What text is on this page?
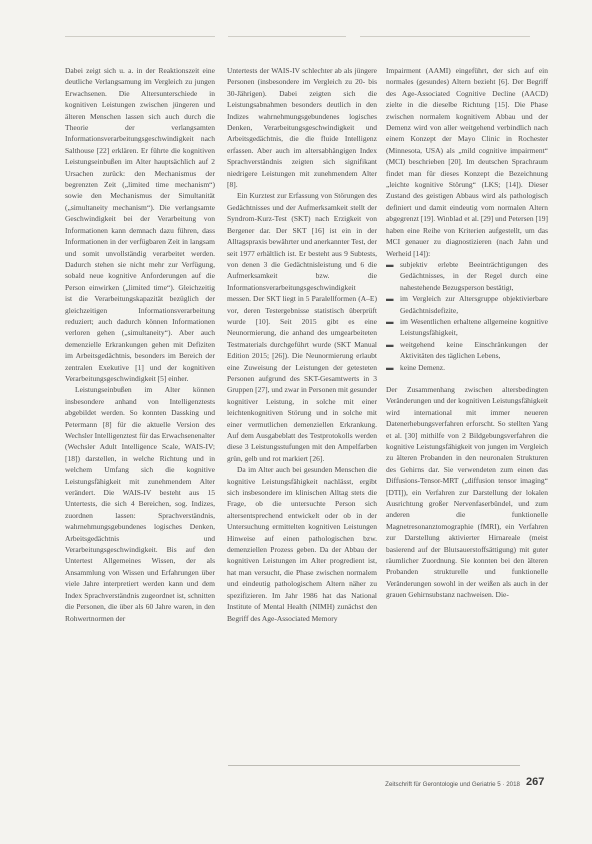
Dabei zeigt sich u. a. in der Reaktionszeit eine deutliche Verlangsamung im Vergleich zu jungen Erwachsenen. Die Altersunterschiede in kognitiven Leistungen zwischen jüngeren und älteren Menschen lassen sich auch durch die Theorie der verlangsamten Informationsverarbeitungsgeschwindigkeit nach Salthouse [22] erklären. Er führte die kognitiven Leistungseinbußen im Alter hauptsächlich auf 2 Ursachen zurück: den Mechanismus der begrenzten Zeit („limited time mechanism“) sowie den Mechanismus der Simultanität („simultaneity mechanism“). Die verlangsamte Geschwindigkeit bei der Verarbeitung von Informationen kann demnach dazu führen, dass Informationen in der verfügbaren Zeit in langsam und somit unvollständig verarbeitet werden. Dadurch stehen sie nicht mehr zur Verfügung, sobald neue kognitive Anforderungen auf die Person einwirken („limited time“). Gleichzeitig ist die Verarbeitungskapazität bezüglich der gleichzeitigen Informationsverarbeitung reduziert; auch dadurch können Informationen verloren gehen („simultaneity“). Aber auch demenzielle Erkrankungen gehen mit Defiziten im Arbeitsgedächtnis, besonders im Bereich der zentralen Exekutive [1] und der kognitiven Verarbeitungsgeschwindigkeit [5] einher.

Leistungseinbußen im Alter können insbesondere anhand von Intelligenztests abgebildet werden. So konnten Dassking und Petermann [8] für die aktuelle Version des Wechsler Intelligenztest für das Erwachsenenalter (Wechsler Adult Intelligence Scale, WAIS-IV; [18]) darstellen, in welche Richtung und in welchem Umfang sich die kognitive Leistungsfähigkeit mit zunehmendem Alter verändert. Die WAIS-IV besteht aus 15 Untertests, die sich 4 Bereichen, sog. Indizes, zuordnen lassen: Sprachverständnis, wahrnehmungsgebundenes logisches Denken, Arbeitsgedächtnis und Verarbeitungsgeschwindigkeit. Bis auf den Untertest Allgemeines Wissen, der als Ansammlung von Wissen und Erfahrungen über viele Jahre interpretiert werden kann und dem Index Sprachverständnis zugeordnet ist, schnitten die Personen, die über als 60 Jahre waren, in den Rohwertnormen der

Untertests der WAIS-IV schlechter ab als jüngere Personen (insbesondere im Vergleich zu 20- bis 30-Jährigen). Dabei zeigten sich die Leistungsabnahmen besonders deutlich in den Indizes wahrnehmungsgebundenes logisches Denken, Verarbeitungsgeschwindigkeit und Arbeitsgedächtnis, die die fluide Intelligenz erfassen. Aber auch im altersabhängigen Index Sprachverständnis zeigten sich signifikant niedrigere Leistungen mit zunehmendem Alter [8].

Ein Kurztest zur Erfassung von Störungen des Gedächtnisses und der Aufmerksamkeit stellt der Syndrom-Kurz-Test (SKT) nach Erzigkeit von Bergener dar. Der SKT [16] ist ein in der Alltagspraxis bewährter und anerkannter Test, der seit 1977 erhältlich ist. Er besteht aus 9 Subtests, von denen 3 die Gedächtnisleistung und 6 die Aufmerksamkeit bzw. die Informationsverarbeitungsgeschwindigkeit messen. Der SKT liegt in 5 Paralellformen (A–E) vor, deren Testergebnisse statistisch überprüft wurde [10]. Seit 2015 gibt es eine Neunormierung, die anhand des umgearbeiteten Testmaterials durchgeführt wurde (SKT Manual Edition 2015; [26]). Die Neunormierung erlaubt eine Zuweisung der Leistungen der getesteten Personen aufgrund des SKT-Gesamtwerts in 3 Gruppen [27], und zwar in Personen mit gesunder kognitiver Leistung, in solche mit einer leichtenkognitiven Störung und in solche mit einer vermutlichen demenziellen Erkrankung. Auf dem Ausgabeblatt des Testprotokolls werden diese 3 Leistungsstufungen mit den Ampelfarben grün, gelb und rot markiert [26].

Da im Alter auch bei gesunden Menschen die kognitive Leistungsfähigkeit nachlässt, ergibt sich insbesondere im klinischen Alltag stets die Frage, ob die untersuchte Person sich altersentsprechend entwickelt oder ob in der Untersuchung ermittelten kognitiven Leistungen Hinweise auf einen pathologischen bzw. demenziellen Prozess geben. Da der Abbau der kognitiven Leistungen im Alter progredient ist, hat man versucht, die Phase zwischen normalem und eindeutig pathologischem Altern näher zu spezifizieren. Im Jahr 1986 hat das National Institute of Mental Health (NIMH) zunächst den Begriff des Age-Associated Memory

Impairment (AAMI) eingeführt, der sich auf ein normales (gesundes) Altern bezieht [6]. Der Begriff des Age-Associated Cognitive Decline (AACD) zielte in die dieselbe Richtung [15]. Die Phase zwischen normalem kognitivem Abbau und der Demenz wird von aller weitgehend verbindlich nach einem Konzept der Mayo Clinic in Rochester (Minnesota, USA) als „mild cognitive impairment“ (MCI) beschrieben [20]. Im deutschen Sprachraum findet man für dieses Konzept die Bezeichnung „leichte kognitive Störung“ (LKS; [14]). Dieser Zustand des geistigen Abbaus wird als pathologisch definiert und damit eindeutig vom normalen Altern abgegrenzt [19]. Winblad et al. [29] und Petersen [19] haben eine Reihe von Kriterien aufgestellt, um das MCI genauer zu diagnostizieren (nach Jahn und Werheid [14]):

▬ subjektiv erlebte Beeinträchtigungen des Gedächtnisses, in der Regel durch eine nahestehende Bezugsperson bestätigt,
▬ im Vergleich zur Altersgruppe objektivierbare Gedächtnisdefizite,
▬ im Wesentlichen erhaltene allgemeine kognitive Leistungsfähigkeit,
▬ weitgehend keine Einschränkungen der Aktivitäten des täglichen Lebens,
▬ keine Demenz.

Der Zusammenhang zwischen altersbedingten Veränderungen und der kognitiven Leistungsfähigkeit wird international mit immer neueren Datenerhebungsverfahren erforscht. So stellten Yang et al. [30] mithilfe von 2 Bildgebungsverfahren die kognitive Leistungsfähigkeit von jungen im Vergleich zu älteren Probanden in den neuronalen Strukturen des Gehirns dar. Sie verwendeten zum einen das Diffusions-Tensor-MRT („diffusion tensor imaging“ [DTI]), ein Verfahren zur Darstellung der lokalen Ausrichtung großer Nervenfaserbündel, und zum anderen die funktionelle Magnetresonanztomographie (fMRI), ein Verfahren zur Darstellung aktivierter Hirnareale (meist basierend auf der Blutsauerstoffsättigung) mit guter räumlicher Zuordnung. Sie konnten bei den älteren Probanden strukturelle und funktionelle Veränderungen sowohl in der weißen als auch in der grauen Gehirnsubstanz nachweisen. Die-

Zeitschrift für Gerontologie und Geriatrie 5 · 2018 267
